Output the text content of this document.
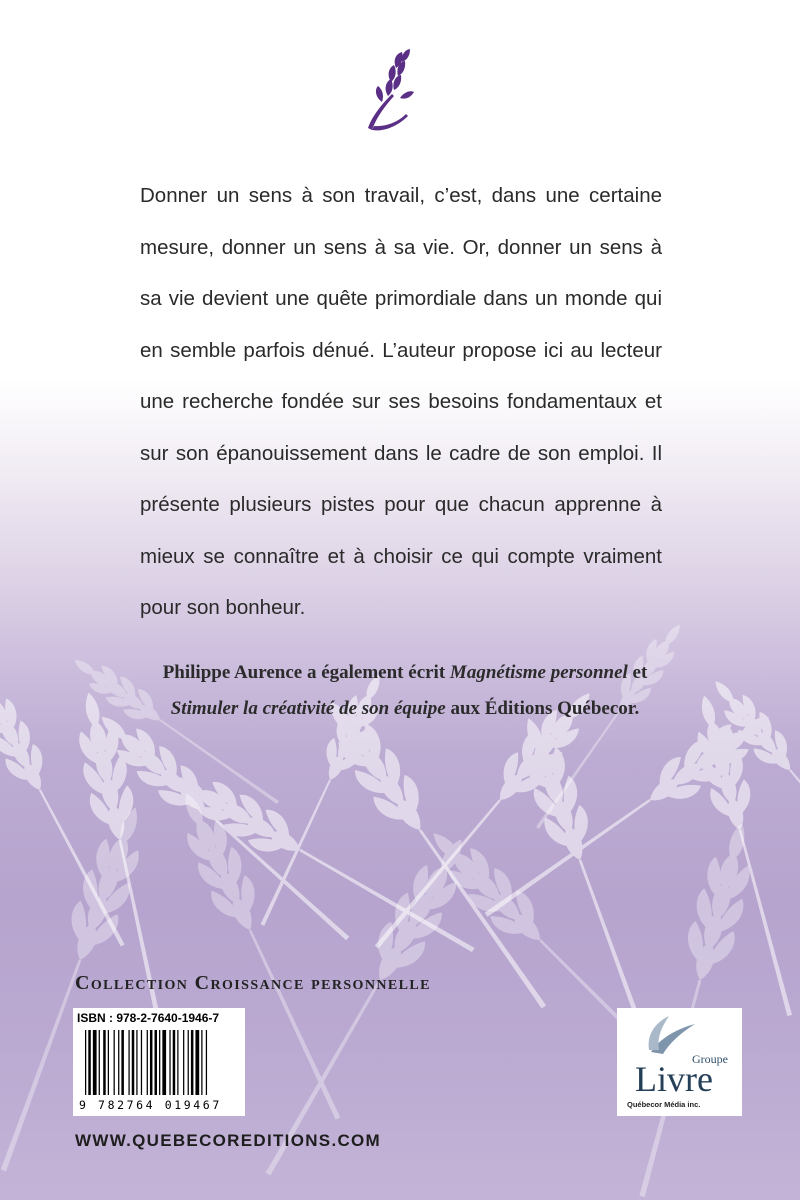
Donner un sens à son travail, c’est, dans une certaine mesure, donner un sens à sa vie. Or, donner un sens à sa vie devient une quête primordiale dans un monde qui en semble parfois dénué. L’auteur propose ici au lecteur une recherche fondée sur ses besoins fondamentaux et sur son épanouissement dans le cadre de son emploi. Il présente plusieurs pistes pour que chacun apprenne à mieux se connaître et à choisir ce qui compte vraiment pour son bonheur.

Philippe Aurence a également écrit Magnétisme personnel et Stimuler la créativité de son équipe aux Éditions Québecor.

Collection Croissance personnelle

ISBN : 978-2-7640-1946-7

9 782764 019467

Groupe

Livre

Québecor Média inc.

WWW.QUEBECOREDITIONS.COM
